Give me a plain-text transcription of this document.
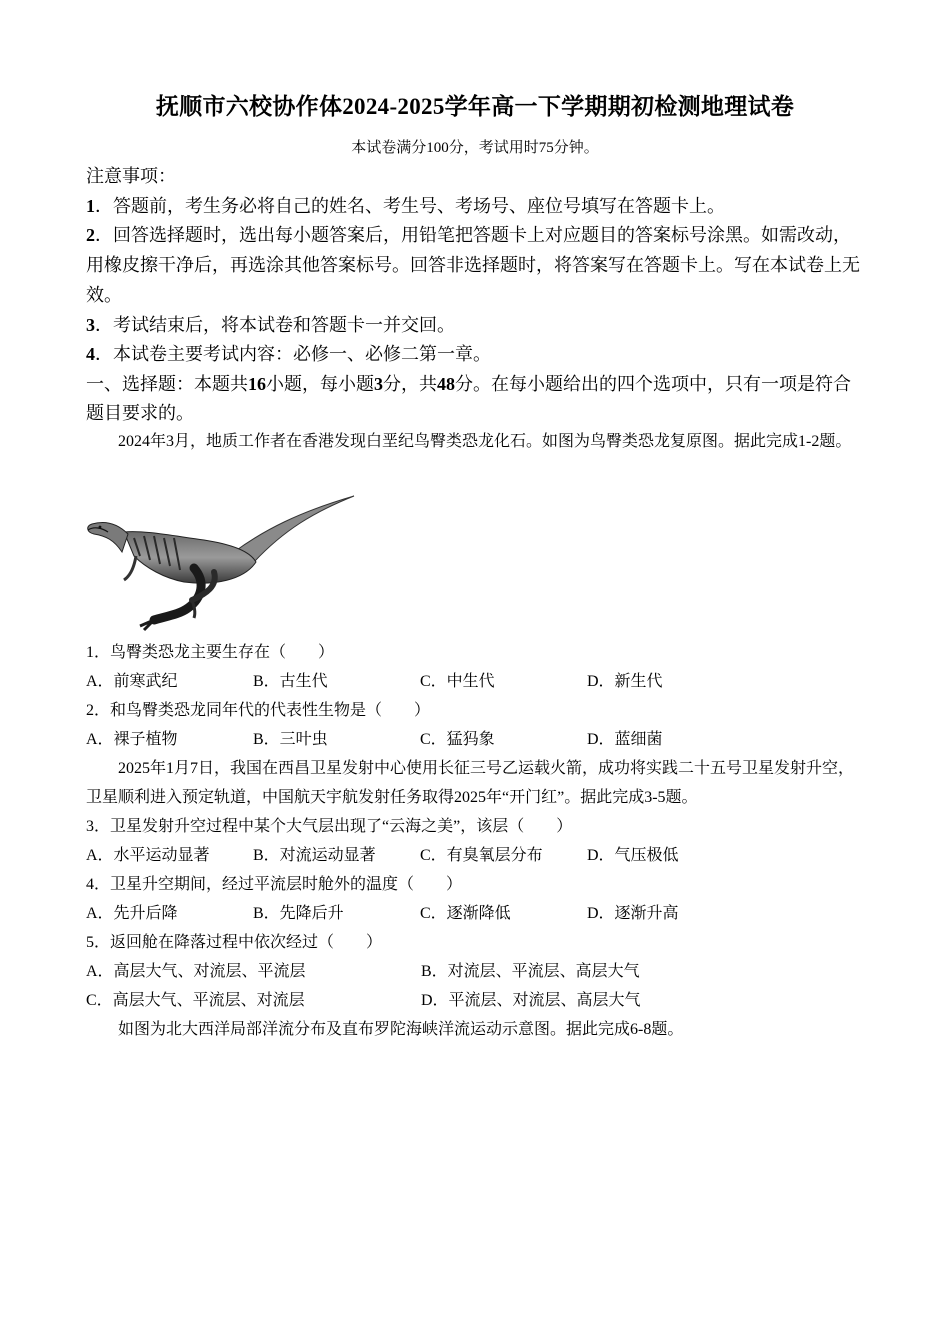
抚顺市六校协作体2024-2025学年高一下学期期初检测地理试卷
本试卷满分100分，考试用时75分钟。

注意事项：

1．答题前，考生务必将自己的姓名、考生号、考场号、座位号填写在答题卡上。

2．回答选择题时，选出每小题答案后，用铅笔把答题卡上对应题目的答案标号涂黑。如需改动，用橡皮擦干净后，再选涂其他答案标号。回答非选择题时，将答案写在答题卡上。写在本试卷上无效。

3．考试结束后，将本试卷和答题卡一并交回。

4．本试卷主要考试内容：必修一、必修二第一章。

一、选择题：本题共16小题，每小题3分，共48分。在每小题给出的四个选项中，只有一项是符合题目要求的。

2024年3月，地质工作者在香港发现白垩纪鸟臀类恐龙化石。如图为鸟臀类恐龙复原图。据此完成1-2题。

1．鸟臀类恐龙主要生存在（　　）

A．前寒武纪	B．古生代	C．中生代	D．新生代

2．和鸟臀类恐龙同年代的代表性生物是（　　）

A．裸子植物	B．三叶虫	C．猛犸象	D．蓝细菌

2025年1月7日，我国在西昌卫星发射中心使用长征三号乙运载火箭，成功将实践二十五号卫星发射升空，卫星顺利进入预定轨道，中国航天宇航发射任务取得2025年“开门红”。据此完成3-5题。

3．卫星发射升空过程中某个大气层出现了“云海之美”，该层（　　）

A．水平运动显著	B．对流运动显著	C．有臭氧层分布	D．气压极低

4．卫星升空期间，经过平流层时舱外的温度（　　）

A．先升后降	B．先降后升	C．逐渐降低	D．逐渐升高

5．返回舱在降落过程中依次经过（　　）

A．高层大气、对流层、平流层	B．对流层、平流层、高层大气
C．高层大气、平流层、对流层	D．平流层、对流层、高层大气

如图为北大西洋局部洋流分布及直布罗陀海峡洋流运动示意图。据此完成6-8题。
